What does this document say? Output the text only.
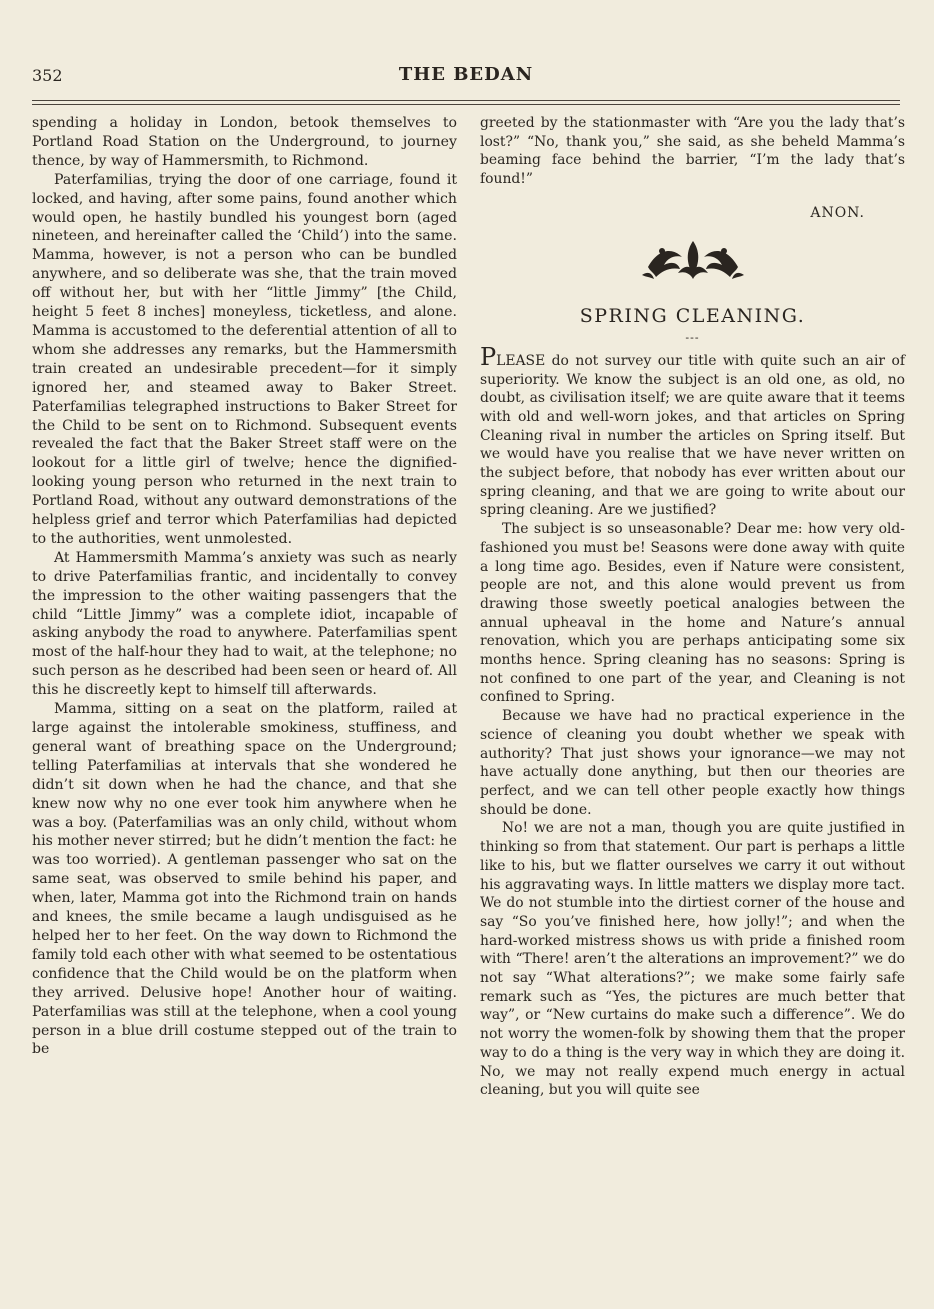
352	THE BEDAN

spending a holiday in London, betook themselves to Portland Road Station on the Underground, to journey thence, by way of Hammersmith, to Richmond.

Paterfamilias, trying the door of one carriage, found it locked, and having, after some pains, found another which would open, he hastily bundled his youngest born (aged nineteen, and hereinafter called the ‘Child’) into the same. Mamma, however, is not a person who can be bundled anywhere, and so deliberate was she, that the train moved off without her, but with her “little Jimmy” [the Child, height 5 feet 8 inches] moneyless, ticketless, and alone. Mamma is accustomed to the deferential attention of all to whom she addresses any remarks, but the Hammersmith train created an undesirable precedent—for it simply ignored her, and steamed away to Baker Street. Paterfamilias telegraphed instructions to Baker Street for the Child to be sent on to Richmond. Subsequent events revealed the fact that the Baker Street staff were on the lookout for a little girl of twelve; hence the dignified-looking young person who returned in the next train to Portland Road, without any outward demonstrations of the helpless grief and terror which Paterfamilias had depicted to the authorities, went unmolested.

At Hammersmith Mamma’s anxiety was such as nearly to drive Paterfamilias frantic, and incidentally to convey the impression to the other waiting passengers that the child “Little Jimmy” was a complete idiot, incapable of asking anybody the road to anywhere. Paterfamilias spent most of the half-hour they had to wait, at the telephone; no such person as he described had been seen or heard of. All this he discreetly kept to himself till afterwards.

Mamma, sitting on a seat on the platform, railed at large against the intolerable smokiness, stuffiness, and general want of breathing space on the Underground; telling Paterfamilias at intervals that she wondered he didn’t sit down when he had the chance, and that she knew now why no one ever took him anywhere when he was a boy. (Paterfamilias was an only child, without whom his mother never stirred; but he didn’t mention the fact: he was too worried). A gentleman passenger who sat on the same seat, was observed to smile behind his paper, and when, later, Mamma got into the Richmond train on hands and knees, the smile became a laugh undisguised as he helped her to her feet. On the way down to Richmond the family told each other with what seemed to be ostentatious confidence that the Child would be on the platform when they arrived. Delusive hope! Another hour of waiting. Paterfamilias was still at the telephone, when a cool young person in a blue drill costume stepped out of the train to be

greeted by the stationmaster with “Are you the lady that’s lost?” “No, thank you,” she said, as she beheld Mamma’s beaming face behind the barrier, “I’m the lady that’s found!”

ANON.
SPRING CLEANING.
---

PLEASE do not survey our title with quite such an air of superiority. We know the subject is an old one, as old, no doubt, as civilisation itself; we are quite aware that it teems with old and well-worn jokes, and that articles on Spring Cleaning rival in number the articles on Spring itself. But we would have you realise that we have never written on the subject before, that nobody has ever written about our spring cleaning, and that we are going to write about our spring cleaning. Are we justified?

The subject is so unseasonable? Dear me: how very old-fashioned you must be! Seasons were done away with quite a long time ago. Besides, even if Nature were consistent, people are not, and this alone would prevent us from drawing those sweetly poetical analogies between the annual upheaval in the home and Nature’s annual renovation, which you are perhaps anticipating some six months hence. Spring cleaning has no seasons: Spring is not confined to one part of the year, and Cleaning is not confined to Spring.

Because we have had no practical experience in the science of cleaning you doubt whether we speak with authority? That just shows your ignorance—we may not have actually done anything, but then our theories are perfect, and we can tell other people exactly how things should be done.

No! we are not a man, though you are quite justified in thinking so from that statement. Our part is perhaps a little like to his, but we flatter ourselves we carry it out without his aggravating ways. In little matters we display more tact. We do not stumble into the dirtiest corner of the house and say “So you’ve finished here, how jolly!”; and when the hard-worked mistress shows us with pride a finished room with “There! aren’t the alterations an improvement?” we do not say “What alterations?”; we make some fairly safe remark such as “Yes, the pictures are much better that way”, or “New curtains do make such a difference”. We do not worry the women-folk by showing them that the proper way to do a thing is the very way in which they are doing it. No, we may not really expend much energy in actual cleaning, but you will quite see
